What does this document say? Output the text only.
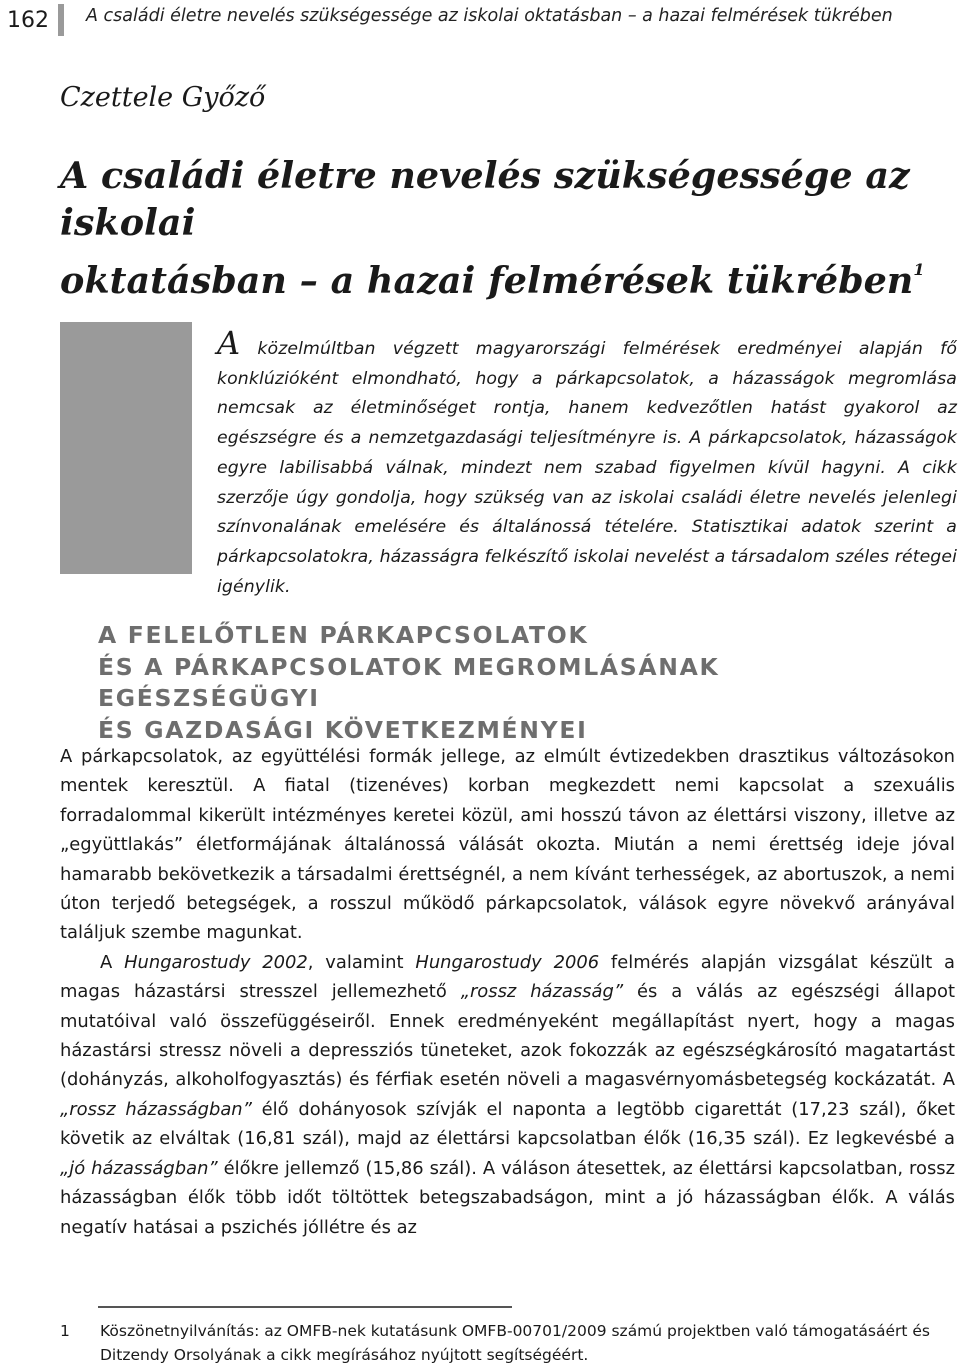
162	A családi életre nevelés szükségessége az iskolai oktatásban – a hazai felmérések tükrében
Czettele Győző
A családi életre nevelés szükségessége az iskolai
oktatásban – a hazai felmérések tükrében$^1$

A közelmúltban végzett magyarországi felmérések eredményei alapján fő konklúzióként elmondható, hogy a párkapcsolatok, a házasságok megromlása nemcsak az életminőséget rontja, hanem kedvezőtlen hatást gyakorol az egészségre és a nemzetgazdasági teljesítményre is. A párkapcsolatok, házasságok egyre labilisabbá válnak, mindezt nem szabad figyelmen kívül hagyni. A cikk szerzője úgy gondolja, hogy szükség van az iskolai családi életre nevelés jelenlegi színvonalának emelésére és általánossá tételére. Statisztikai adatok szerint a párkapcsolatokra, házasságra felkészítő iskolai nevelést a társadalom széles rétegei igénylik.

A FELELŐTLEN PÁRKAPCSOLATOK
ÉS A PÁRKAPCSOLATOK MEGROMLÁSÁNAK EGÉSZSÉGÜGYI
ÉS GAZDASÁGI KÖVETKEZMÉNYEI

A párkapcsolatok, az együttélési formák jellege, az elmúlt évtizedekben drasztikus változásokon mentek keresztül. A fiatal (tizenéves) korban megkezdett nemi kapcsolat a szexuális forradalommal kikerült intézményes keretei közül, ami hosszú távon az élettársi viszony, illetve az „együttlakás” életformájának általánossá válását okozta. Miután a nemi érettség ideje jóval hamarabb bekövetkezik a társadalmi érettségnél, a nem kívánt terhességek, az abortuszok, a nemi úton terjedő betegségek, a rosszul működő párkapcsolatok, válások egyre növekvő arányával találjuk szembe magunkat.

A Hungarostudy 2002, valamint Hungarostudy 2006 felmérés alapján vizsgálat készült a magas házastársi stresszel jellemezhető „rossz házasság” és a válás az egészségi állapot mutatóival való összefüggéseiről. Ennek eredményeként megállapítást nyert, hogy a magas házastársi stressz növeli a depressziós tüneteket, azok fokozzák az egészségkárosító magatartást (dohányzás, alkoholfogyasztás) és férfiak esetén növeli a magasvérnyomásbetegség kockázatát. A „rossz házasságban” élő dohányosok szívják el naponta a legtöbb cigarettát (17,23 szál), őket követik az elváltak (16,81 szál), majd az élettársi kapcsolatban élők (16,35 szál). Ez legkevésbé a „jó házasságban” élőkre jellemző (15,86 szál). A váláson átesettek, az élettársi kapcsolatban, rossz házasságban élők több időt töltöttek betegszabadságon, mint a jó házasságban élők. A válás negatív hatásai a pszichés jóllétre és az

1 Köszönetnyilvánítás: az OMFB-nek kutatásunk OMFB-00701/2009 számú projektben való támogatásáért és Ditzendy Orsolyának a cikk megírásához nyújtott segítségéért.
